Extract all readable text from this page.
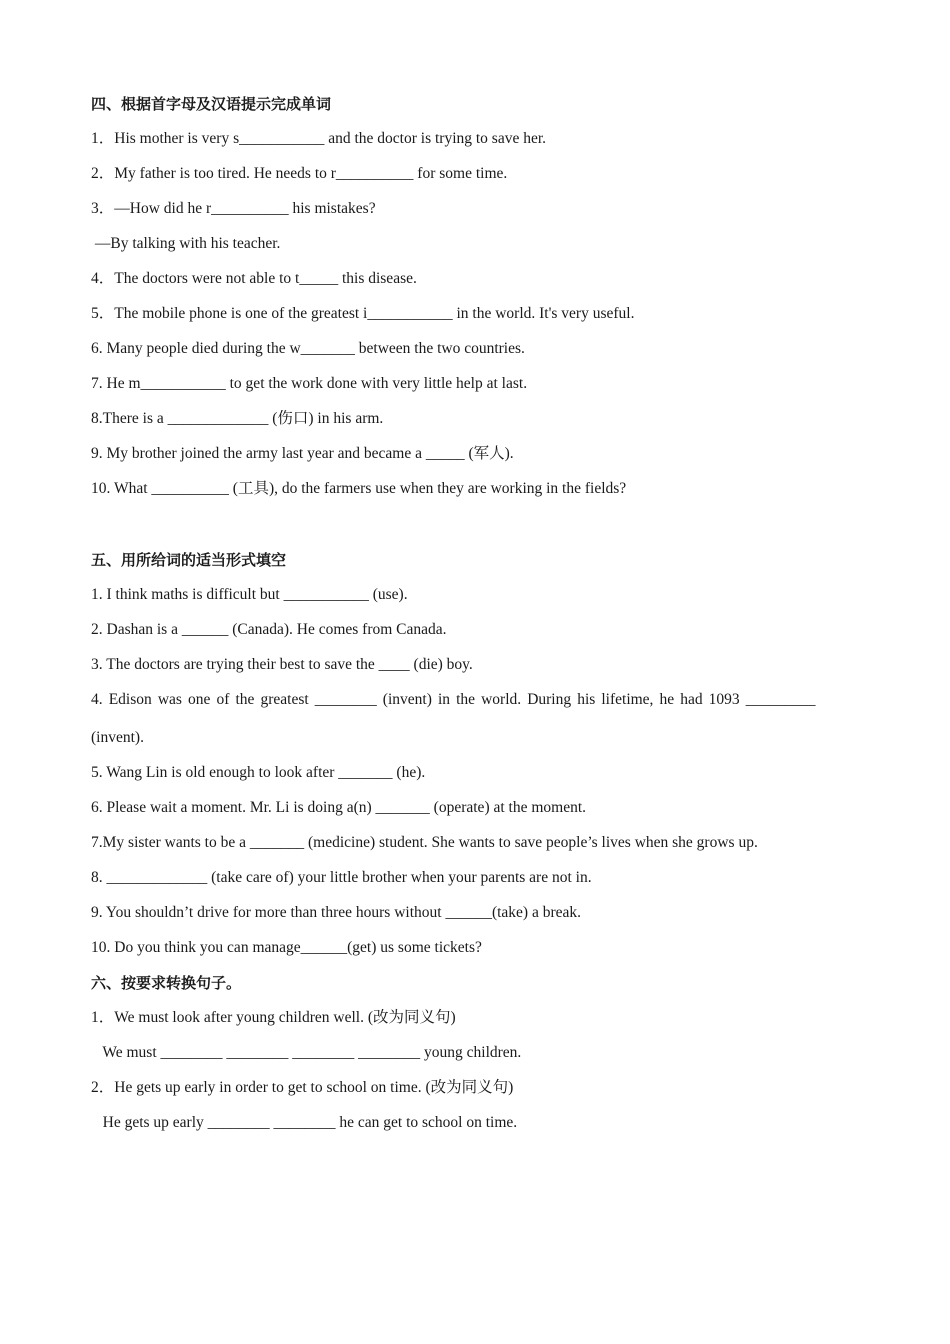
四、根据首字母及汉语提示完成单词
1．His mother is very s___________ and the doctor is trying to save her.
2．My father is too tired. He needs to r__________ for some time.
3．—How did he r__________ his mistakes?
—By talking with his teacher.
4．The doctors were not able to t_____ this disease.
5．The mobile phone is one of the greatest i___________ in the world. It's very useful.
6. Many people died during the w_______ between the two countries.
7. He m___________ to get the work done with very little help at last.
8.There is a _____________ (伤口) in his arm.
9. My brother joined the army last year and became a _____ (军人).
10. What __________ (工具), do the farmers use when they are working in the fields?
五、用所给词的适当形式填空
1. I think maths is difficult but ___________ (use).
2. Dashan is a ______ (Canada). He comes from Canada.
3. The doctors are trying their best to save the ____ (die) boy.
4. Edison was one of the greatest ________ (invent) in the world. During his lifetime, he had 1093 _________
(invent).
5. Wang Lin is old enough to look after _______ (he).
6. Please wait a moment. Mr. Li is doing a(n) _______ (operate) at the moment.
7.My sister wants to be a _______ (medicine) student. She wants to save people’s lives when she grows up.
8. _____________ (take care of) your little brother when your parents are not in.
9. You shouldn’t drive for more than three hours without ______(take) a break.
10. Do you think you can manage______(get) us some tickets?
六、按要求转换句子。
1．We must look after young children well. (改为同义句)
We must ________ ________ ________ ________ young children.
2．He gets up early in order to get to school on time. (改为同义句)
He gets up early ________ ________ he can get to school on time.
